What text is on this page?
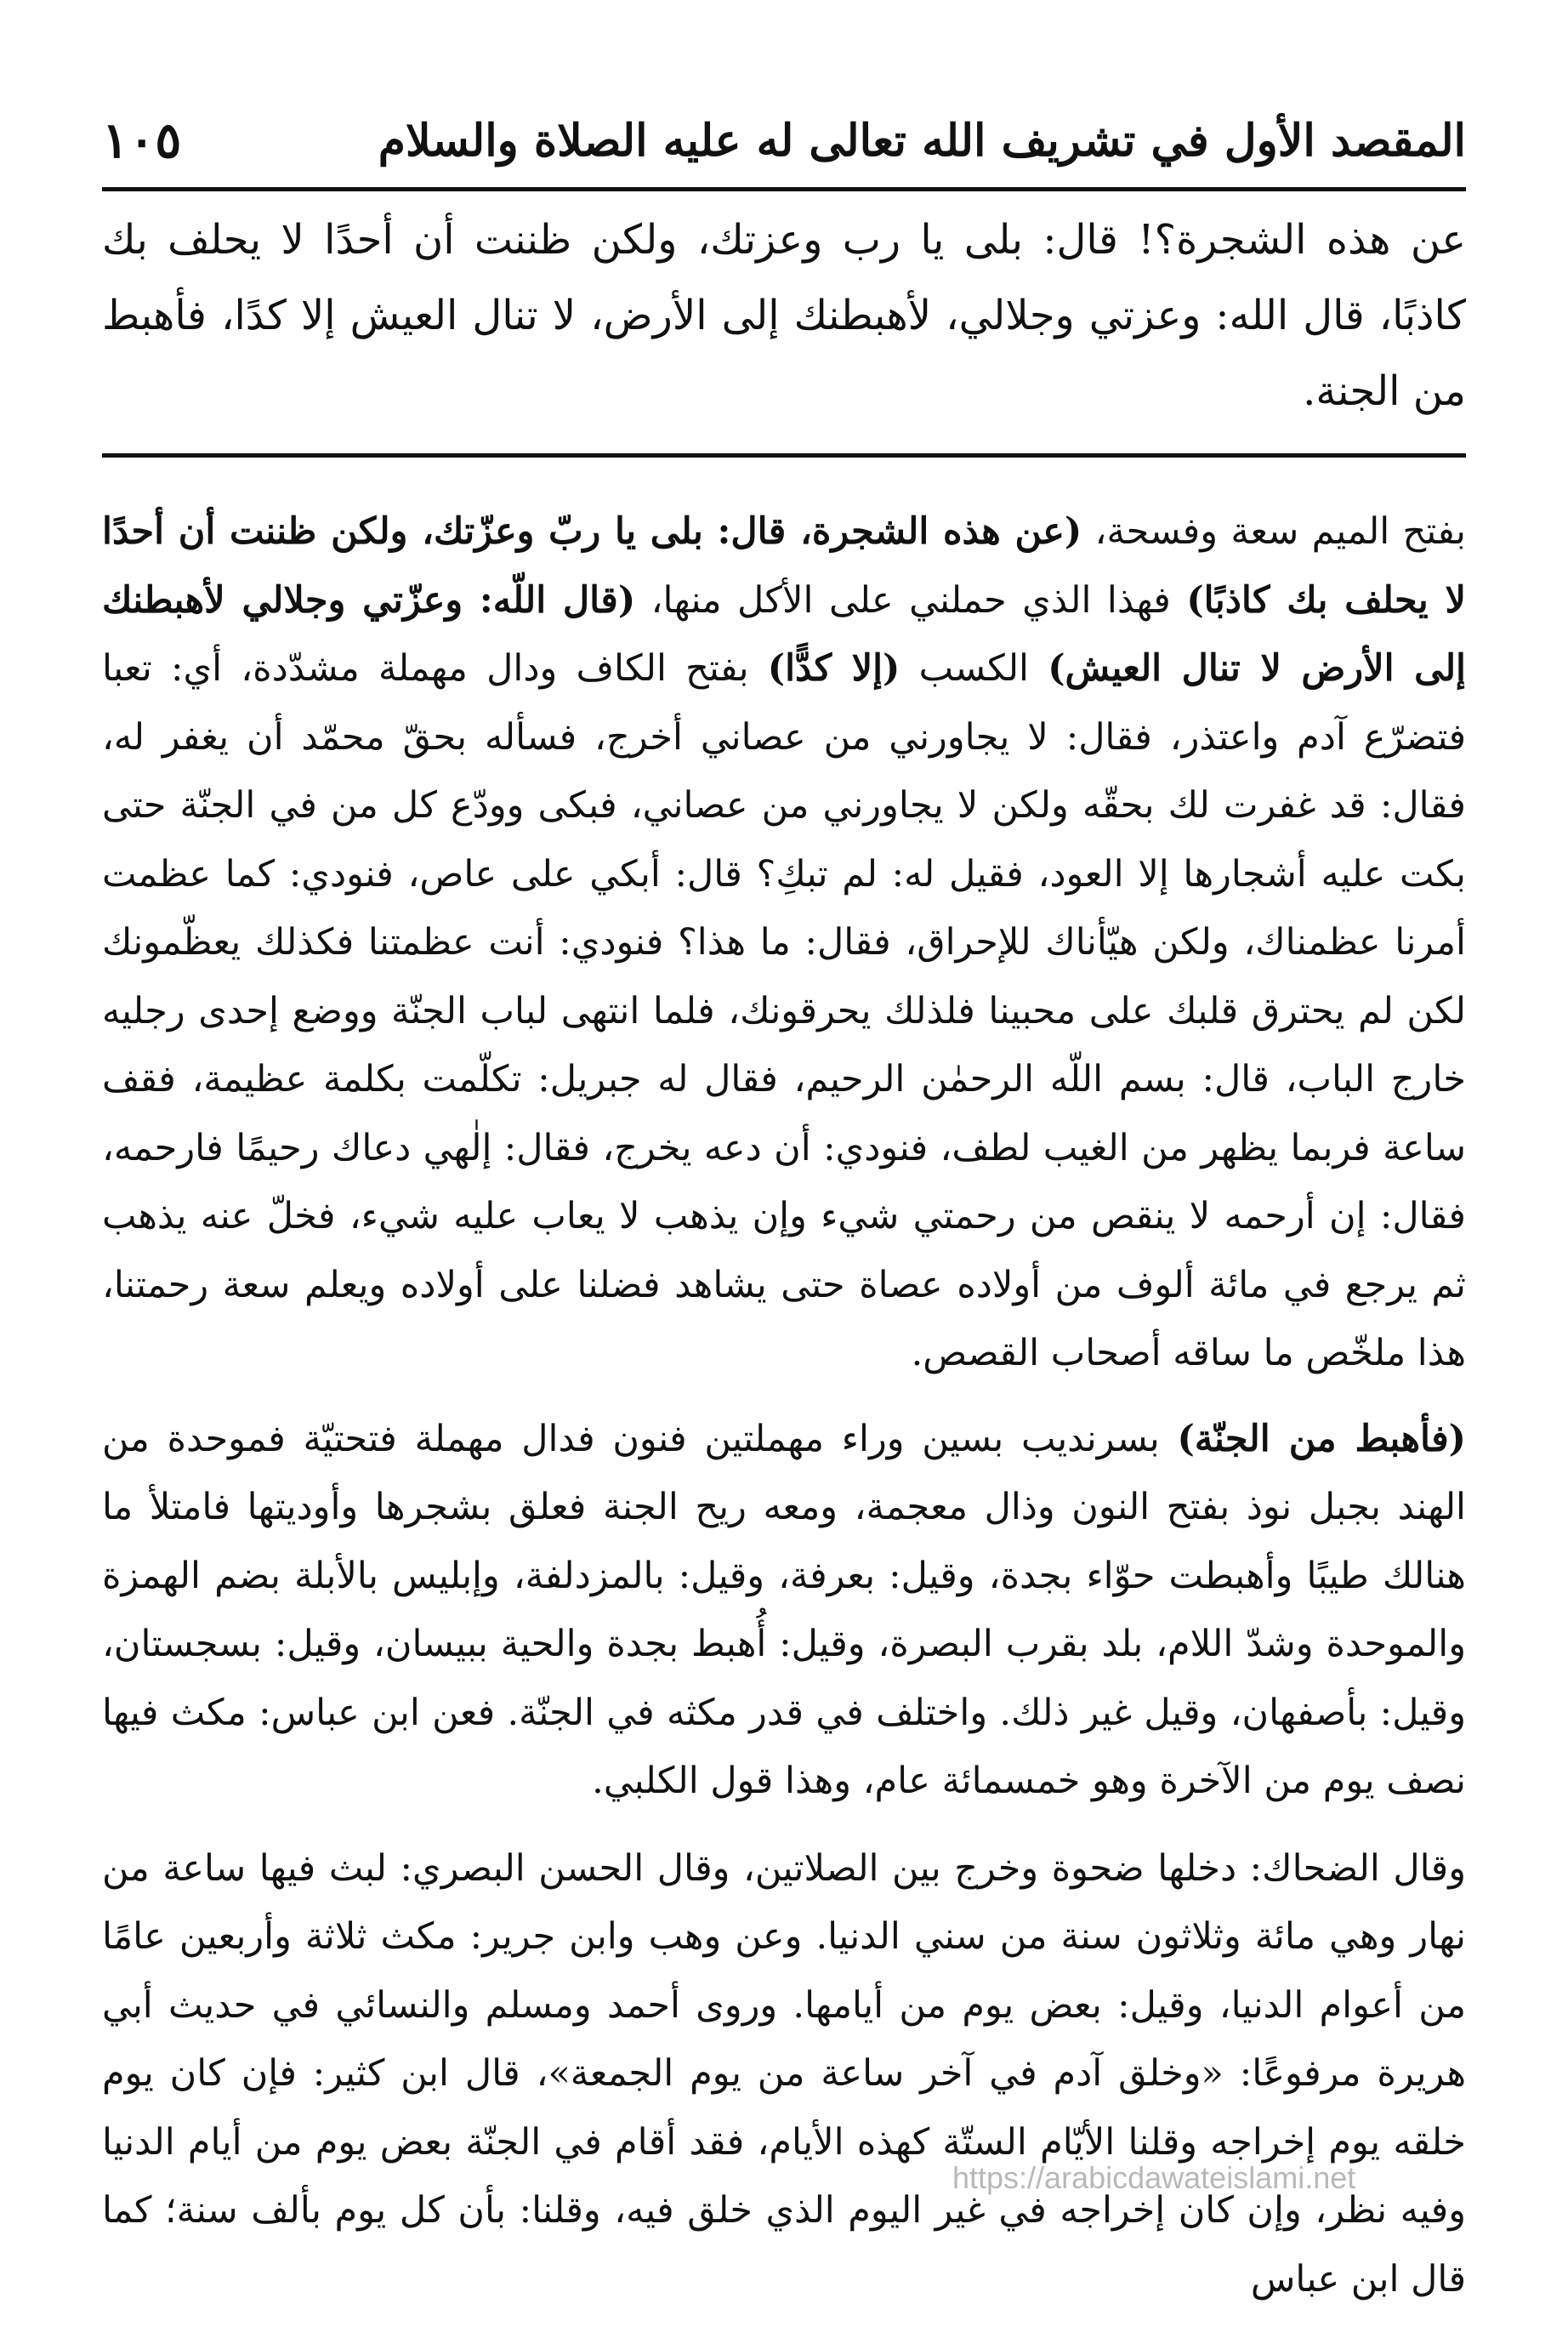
المقصد الأول في تشريف الله تعالى له عليه الصلاة والسلام
١٠٥
عن هذه الشجرة؟! قال: بلى يا رب وعزتك، ولكن ظننت أن أحدًا لا يحلف بك كاذبًا، قال الله: وعزتي وجلالي، لأهبطنك إلى الأرض، لا تنال العيش إلا كدًا، فأهبط من الجنة.

بفتح الميم سعة وفسحة، (عن هذه الشجرة، قال: بلى يا ربّ وعزّتك، ولكن ظننت أن أحدًا لا يحلف بك كاذبًا) فهذا الذي حملني على الأكل منها، (قال اللّه: وعزّتي وجلالي لأهبطنك إلى الأرض لا تنال العيش) الكسب (إلا كدًّا) بفتح الكاف ودال مهملة مشدّدة، أي: تعبا فتضرّع آدم واعتذر، فقال: لا يجاورني من عصاني أخرج، فسأله بحقّ محمّد أن يغفر له، فقال: قد غفرت لك بحقّه ولكن لا يجاورني من عصاني، فبكى وودّع كل من في الجنّة حتى بكت عليه أشجارها إلا العود، فقيل له: لم تبكِ؟ قال: أبكي على عاص، فنودي: كما عظمت أمرنا عظمناك، ولكن هيّأناك للإحراق، فقال: ما هذا؟ فنودي: أنت عظمتنا فكذلك يعظّمونك لكن لم يحترق قلبك على محبينا فلذلك يحرقونك، فلما انتهى لباب الجنّة ووضع إحدى رجليه خارج الباب، قال: بسم اللّه الرحمٰن الرحيم، فقال له جبريل: تكلّمت بكلمة عظيمة، فقف ساعة فربما يظهر من الغيب لطف، فنودي: أن دعه يخرج، فقال: إلٰهي دعاك رحيمًا فارحمه، فقال: إن أرحمه لا ينقص من رحمتي شيء وإن يذهب لا يعاب عليه شيء، فخلّ عنه يذهب ثم يرجع في مائة ألوف من أولاده عصاة حتى يشاهد فضلنا على أولاده ويعلم سعة رحمتنا، هذا ملخّص ما ساقه أصحاب القصص.

(فأهبط من الجنّة) بسرنديب بسين وراء مهملتين فنون فدال مهملة فتحتيّة فموحدة من الهند بجبل نوذ بفتح النون وذال معجمة، ومعه ريح الجنة فعلق بشجرها وأوديتها فامتلأ ما هنالك طيبًا وأهبطت حوّاء بجدة، وقيل: بعرفة، وقيل: بالمزدلفة، وإبليس بالأبلة بضم الهمزة والموحدة وشدّ اللام، بلد بقرب البصرة، وقيل: أُهبط بجدة والحية ببيسان، وقيل: بسجستان، وقيل: بأصفهان، وقيل غير ذلك. واختلف في قدر مكثه في الجنّة. فعن ابن عباس: مكث فيها نصف يوم من الآخرة وهو خمسمائة عام، وهذا قول الكلبي.

وقال الضحاك: دخلها ضحوة وخرج بين الصلاتين، وقال الحسن البصري: لبث فيها ساعة من نهار وهي مائة وثلاثون سنة من سني الدنيا. وعن وهب وابن جرير: مكث ثلاثة وأربعين عامًا من أعوام الدنيا، وقيل: بعض يوم من أيامها. وروى أحمد ومسلم والنسائي في حديث أبي هريرة مرفوعًا: «وخلق آدم في آخر ساعة من يوم الجمعة»، قال ابن كثير: فإن كان يوم خلقه يوم إخراجه وقلنا الأيّام الستّة كهذه الأيام، فقد أقام في الجنّة بعض يوم من أيام الدنيا وفيه نظر، وإن كان إخراجه في غير اليوم الذي خلق فيه، وقلنا: بأن كل يوم بألف سنة؛ كما قال ابن عباس

https://arabicdawateislami.net
